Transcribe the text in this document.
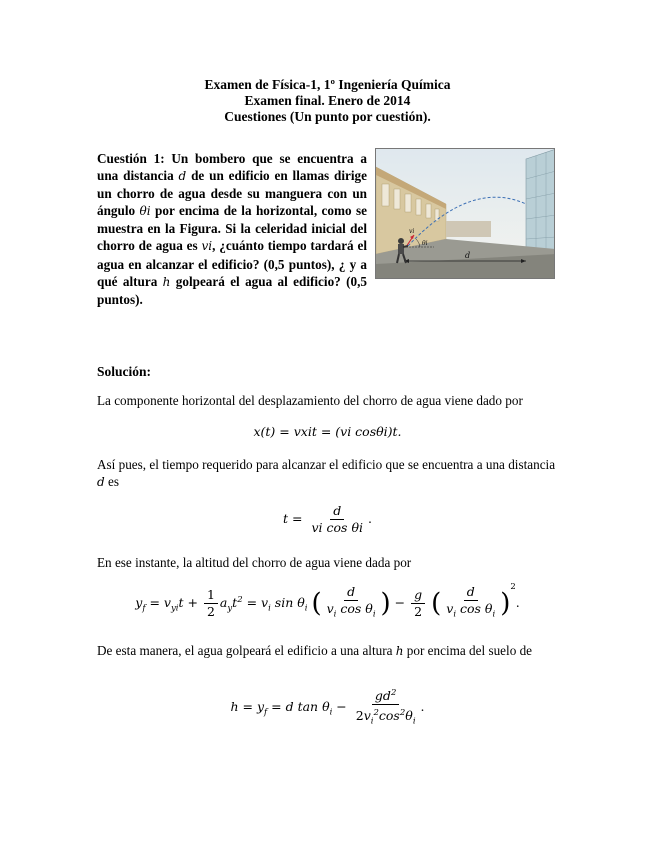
Examen de Física-1, 1º Ingeniería Química
Examen final. Enero de 2014
Cuestiones (Un punto por cuestión).
Cuestión 1: Un bombero que se encuentra a una distancia d de un edificio en llamas dirige un chorro de agua desde su manguera con un ángulo θi por encima de la horizontal, como se muestra en la Figura. Si la celeridad inicial del chorro de agua es vi, ¿cuánto tiempo tardará el agua en alcanzar el edificio? (0,5 puntos), ¿ y a qué altura h golpeará el agua al edificio? (0,5 puntos).
d
θi
vi
Solución:
La componente horizontal del desplazamiento del chorro de agua viene dado por
x(t) = vxit = (vi cosθi)t.
Así pues, el tiempo requerido para alcanzar el edificio que se encuentra a una distancia
d es
$t = \frac{d}{\text{vi cos θi}}$ .
En ese instante, la altitud del chorro de agua viene dada por
$y_f = v_{yi}t + \frac{1}{2} a_yt^2 = v_i$ $\sin \theta_i$ ( $\frac{d}{v_i \cos \theta_i}$ ) − $\frac{g}{2}$ ( $\frac{d}{v_i \cos \theta_i} )^2$.
De esta manera, el agua golpeará el edificio a una altura h por encima del suelo de
$h = y_f = d$ $\tan \theta_i - \frac{gd^2}{2v_i^2\cos^2\theta_i}$ .
